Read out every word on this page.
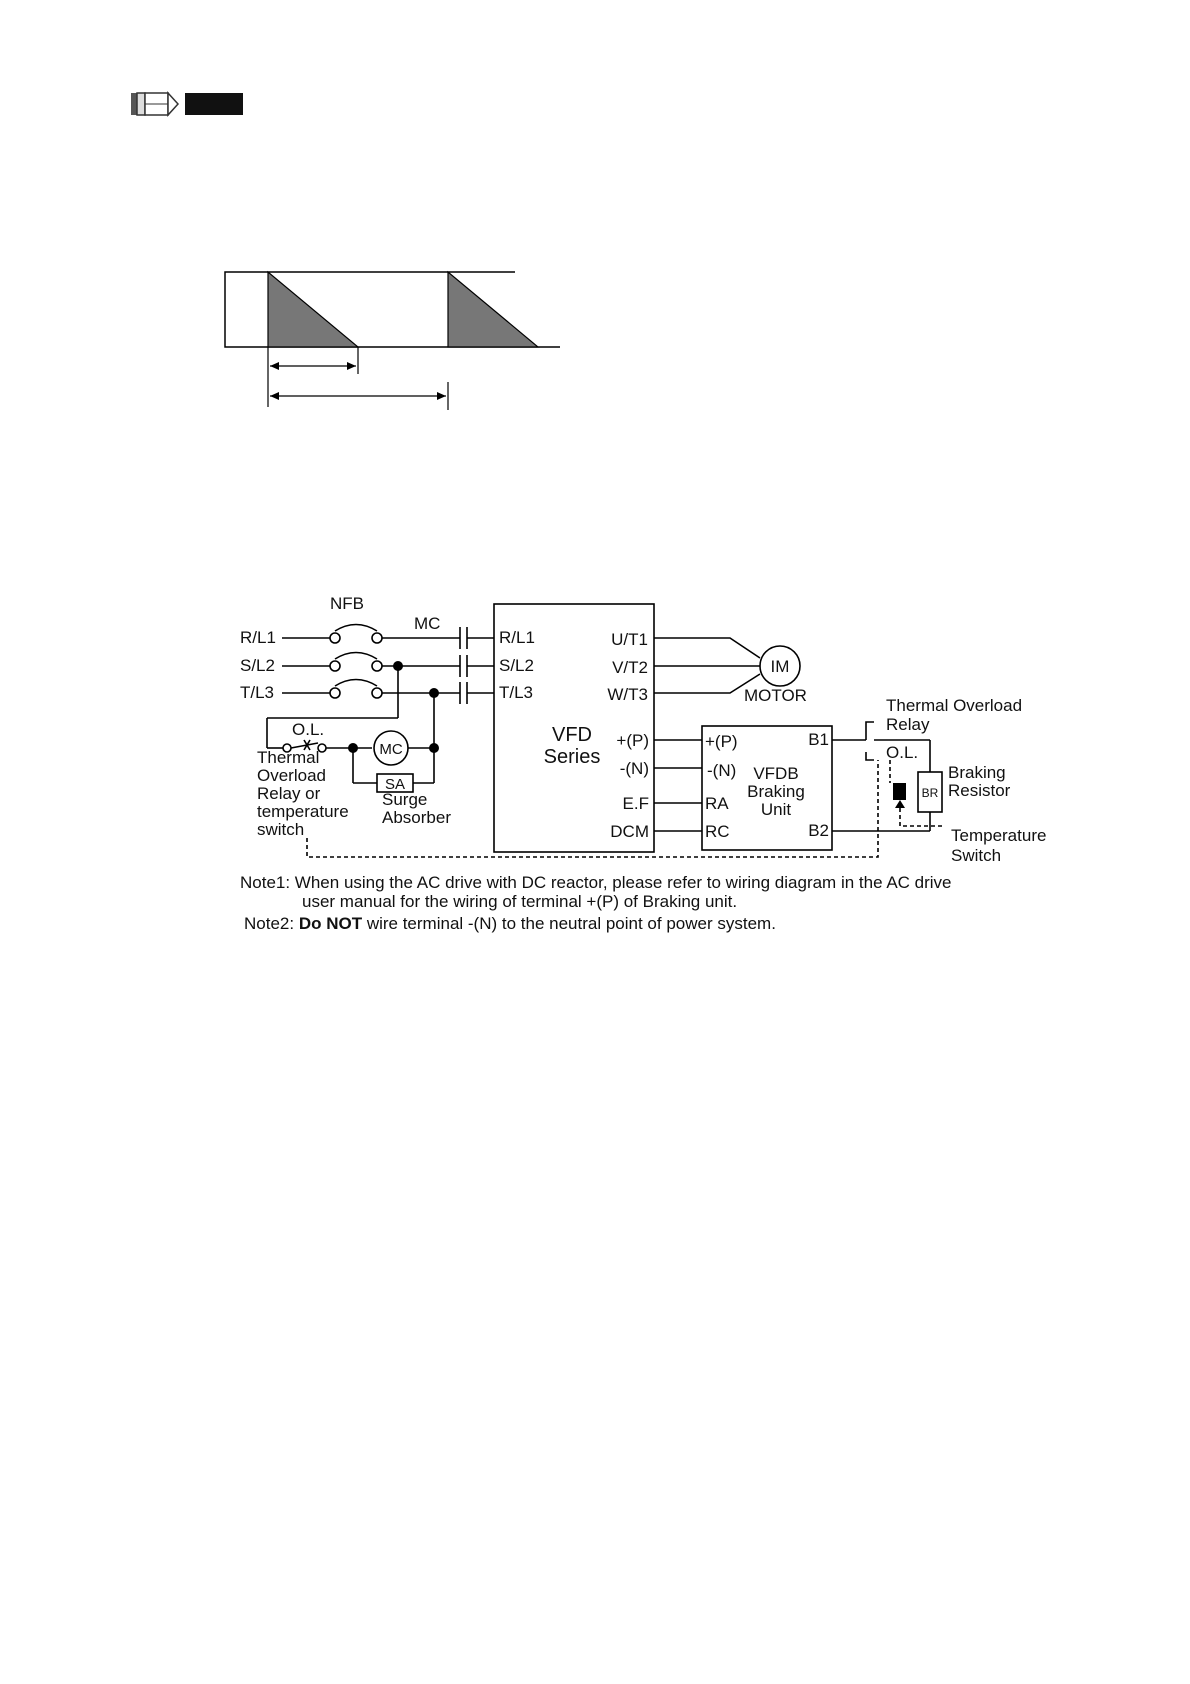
NFB
MC
R/L1
S/L2
T/L3
R/L1
S/L2
T/L3
U/T1
V/T2
W/T3
VFD
Series
+(P)
-(N)
E.F
DCM
IM
MOTOR
O.L.
MC
SA
Thermal
Overload
Relay or
temperature
switch
Surge
Absorber
+(P)
-(N)
RA
RC
B1
B2
VFDB
Braking
Unit
Thermal Overload
Relay
O.L.
BR
Braking
Resistor
Temperature
Switch
Note1: When using the AC drive with DC reactor, please refer to wiring diagram in the AC drive
user manual for the wiring of terminal +(P) of Braking unit.
Note2: Do NOT wire terminal -(N) to the neutral point of power system.
